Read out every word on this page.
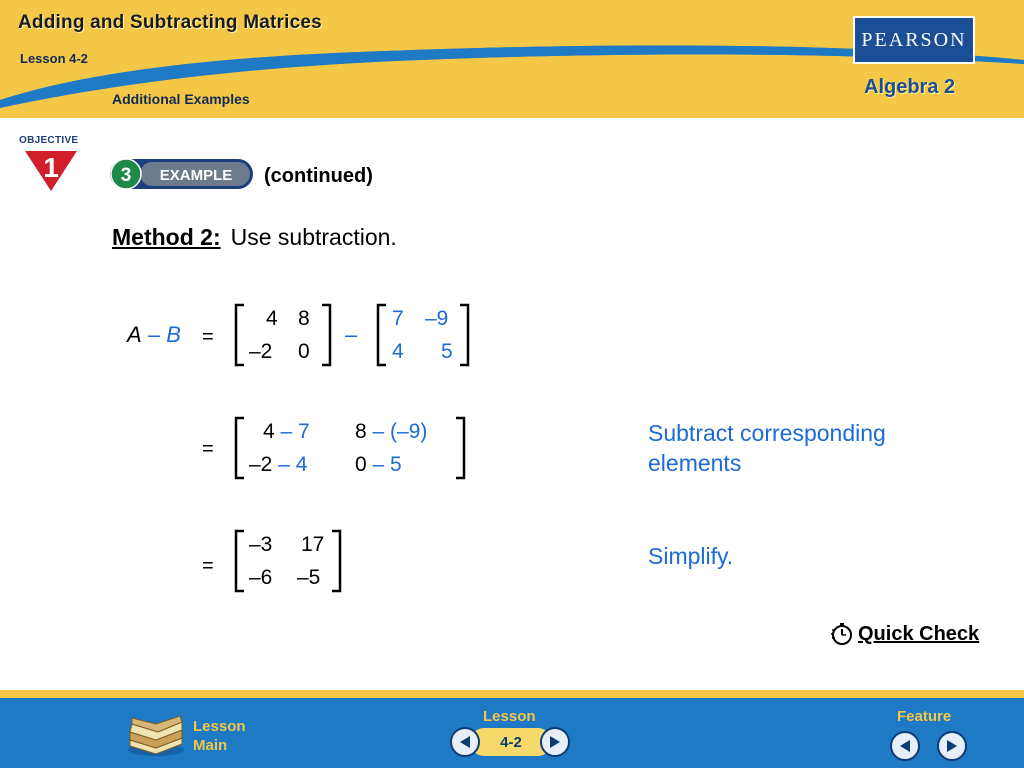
Adding and Subtracting Matrices
Lesson 4-2
Additional Examples
PEARSON
Algebra 2
OBJECTIVE
1	3 EXAMPLE (continued)
Method 2: Use subtraction.
A – B =
4 8
–2 0
–
7 –9
4 5
=
4 – 7 8 – (–9)
–2 – 4 0 – 5
Subtract corresponding
elements
=
–3 17
–6 –5
Simplify.
Quick Check
Lesson
Main
Lesson
4-2
Feature
